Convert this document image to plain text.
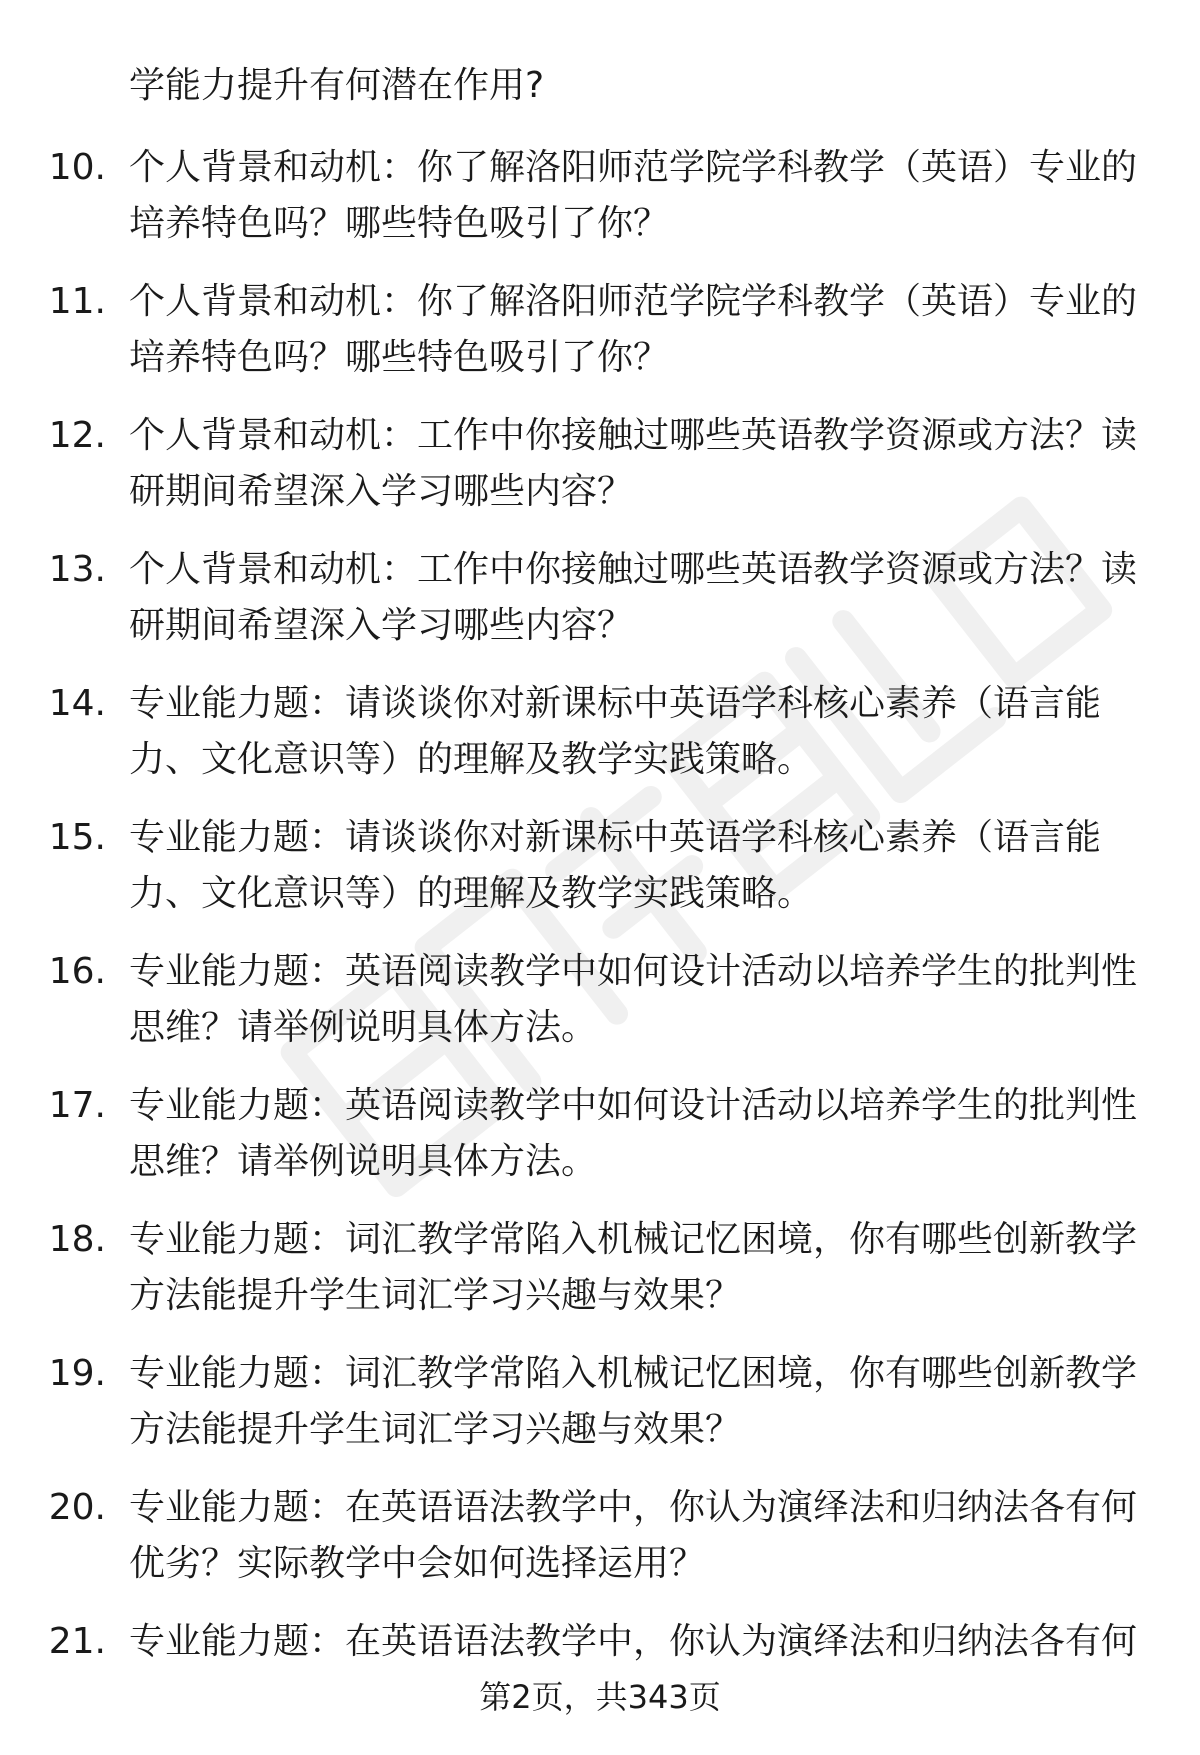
学能力提升有何潜在作用?
10. 个人背景和动机：你了解洛阳师范学院学科教学（英语）专业的
培养特色吗？哪些特色吸引了你？
11. 个人背景和动机：你了解洛阳师范学院学科教学（英语）专业的
培养特色吗？哪些特色吸引了你？
12. 个人背景和动机：工作中你接触过哪些英语教学资源或方法？读
研期间希望深入学习哪些内容？
13. 个人背景和动机：工作中你接触过哪些英语教学资源或方法？读
研期间希望深入学习哪些内容？
14. 专业能力题：请谈谈你对新课标中英语学科核心素养（语言能
力、文化意识等）的理解及教学实践策略。
15. 专业能力题：请谈谈你对新课标中英语学科核心素养（语言能
力、文化意识等）的理解及教学实践策略。
16. 专业能力题：英语阅读教学中如何设计活动以培养学生的批判性
思维？请举例说明具体方法。
17. 专业能力题：英语阅读教学中如何设计活动以培养学生的批判性
思维？请举例说明具体方法。
18. 专业能力题：词汇教学常陷入机械记忆困境，你有哪些创新教学
方法能提升学生词汇学习兴趣与效果？
19. 专业能力题：词汇教学常陷入机械记忆困境，你有哪些创新教学
方法能提升学生词汇学习兴趣与效果？
20. 专业能力题：在英语语法教学中，你认为演绎法和归纳法各有何
优劣？实际教学中会如何选择运用？
21. 专业能力题：在英语语法教学中，你认为演绎法和归纳法各有何
第2页，共343页
